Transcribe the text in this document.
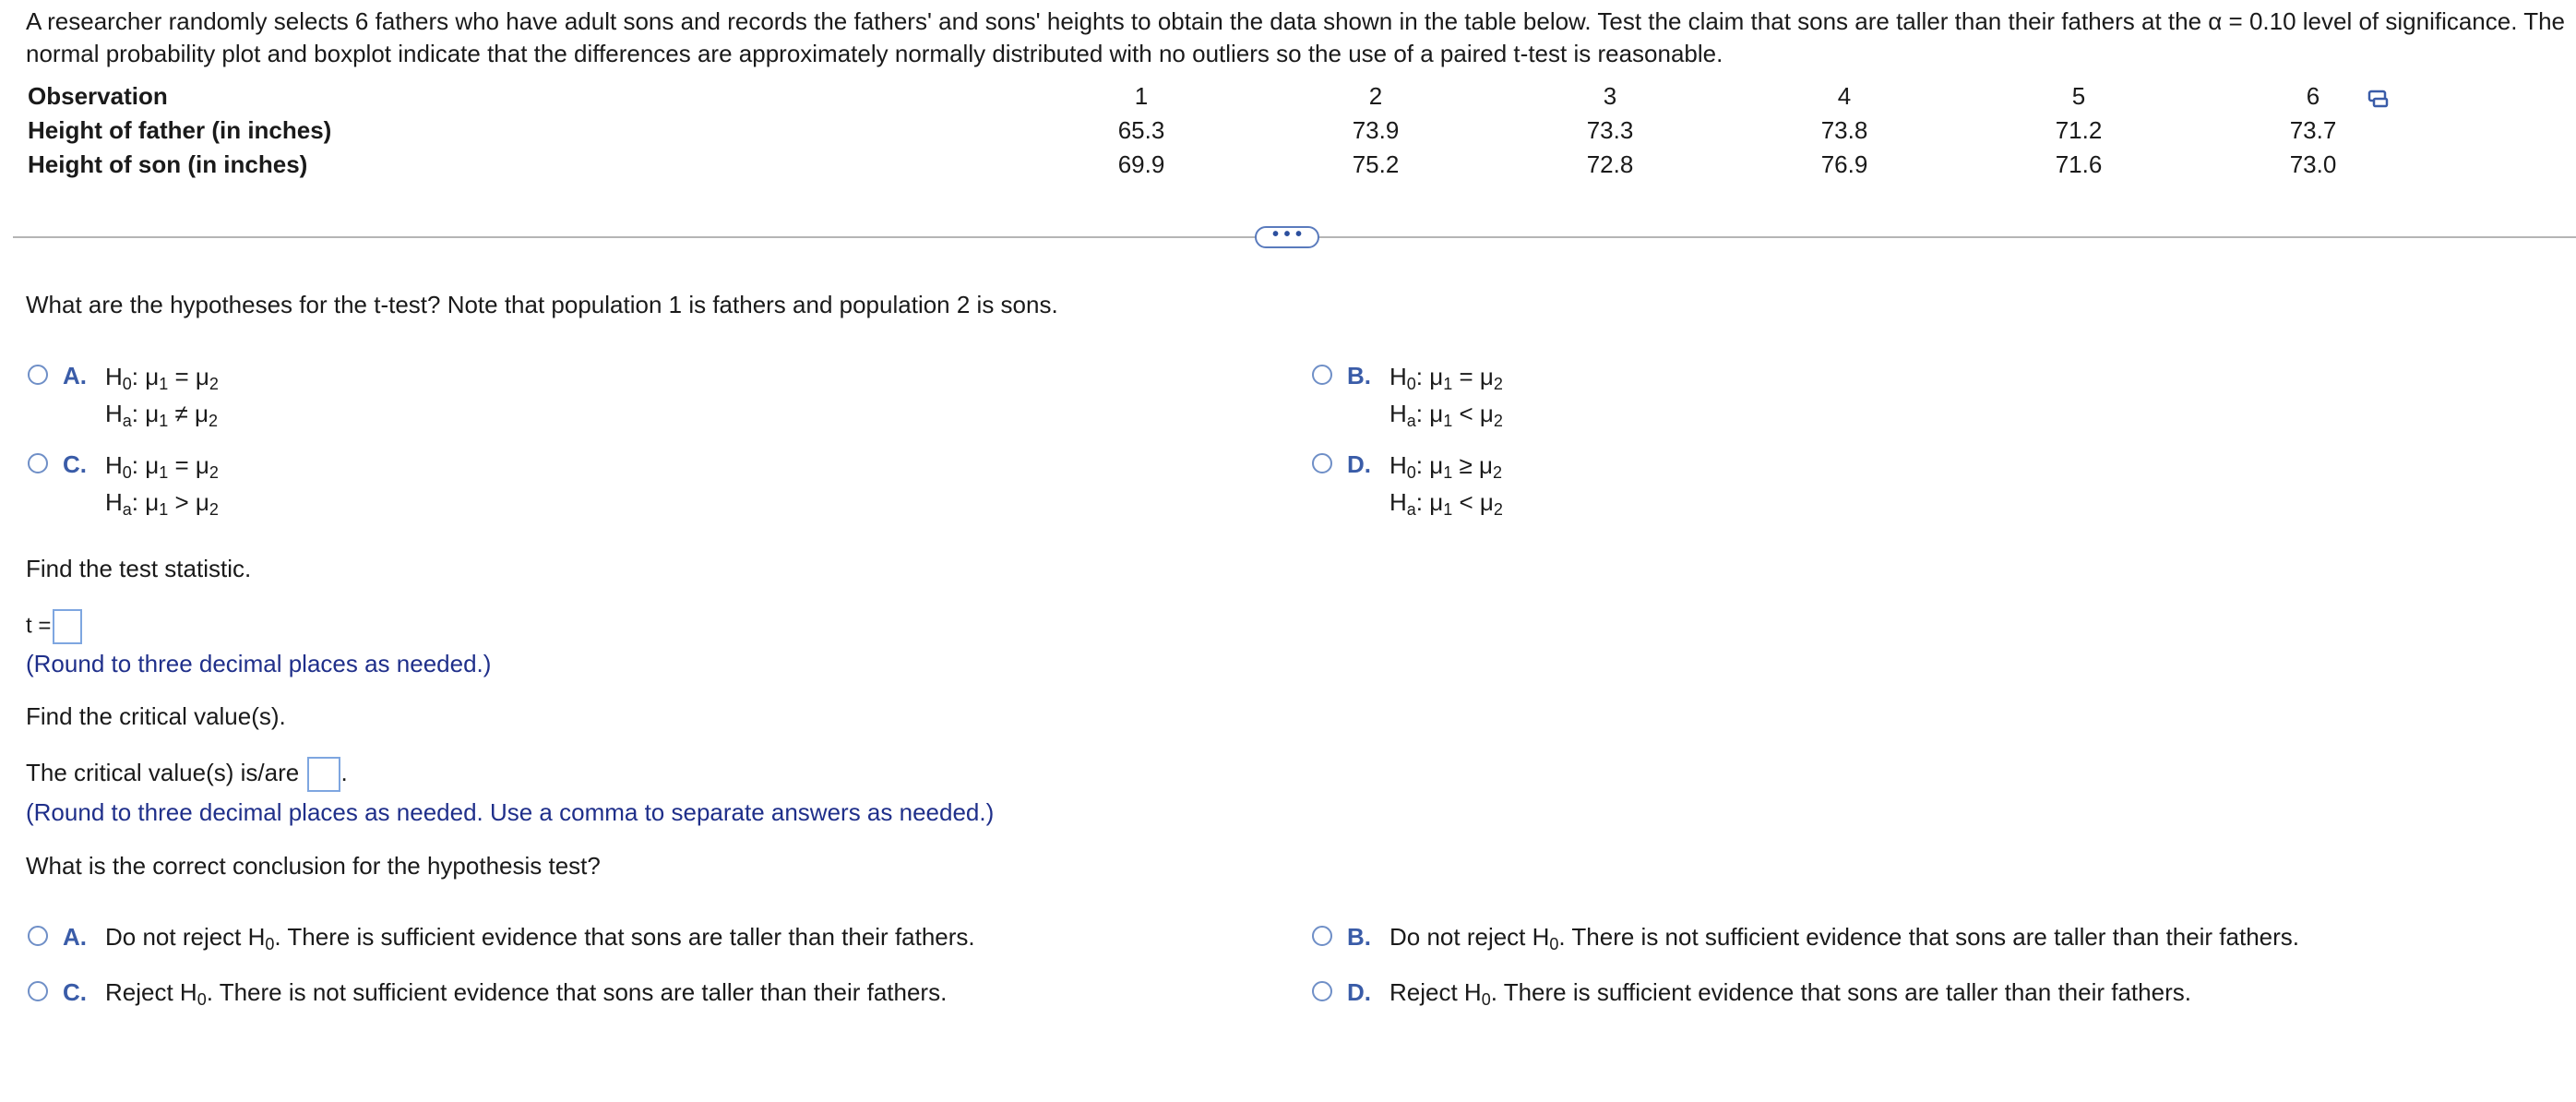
A researcher randomly selects 6 fathers who have adult sons and records the fathers' and sons' heights to obtain the data shown in the table below. Test the claim that sons are taller than their fathers at the α = 0.10 level of significance. The
normal probability plot and boxplot indicate that the differences are approximately normally distributed with no outliers so the use of a paired t-test is reasonable.
Observation	1	2	3	4	5	6
Height of father (in inches)	65.3	73.9	73.3	73.8	71.2	73.7
Height of son (in inches)	69.9	75.2	72.8	76.9	71.6	73.0
• • •
What are the hypotheses for the t-test? Note that population 1 is fathers and population 2 is sons.
A. $H_0$: $\mu_1 = \mu_2$
$H_a$: $\mu_1 \ne \mu_2$
B. $H_0$: $\mu_1 = \mu_2$
$H_a$: $\mu_1 < \mu_2$
C. $H_0$: $\mu_1 = \mu_2$
$H_a$: $\mu_1 > \mu_2$
D. $H_0$: $\mu_1 \ge \mu_2$
$H_a$: $\mu_1 < \mu_2$
Find the test statistic.
t =
(Round to three decimal places as needed.)
Find the critical value(s).
The critical value(s) is/are .
(Round to three decimal places as needed. Use a comma to separate answers as needed.)
What is the correct conclusion for the hypothesis test?
A. Do not reject $H_0$. There is sufficient evidence that sons are taller than their fathers.	B. Do not reject $H_0$. There is not sufficient evidence that sons are taller than their fathers.
C. Reject $H_0$. There is not sufficient evidence that sons are taller than their fathers.	D. Reject $H_0$. There is sufficient evidence that sons are taller than their fathers.
